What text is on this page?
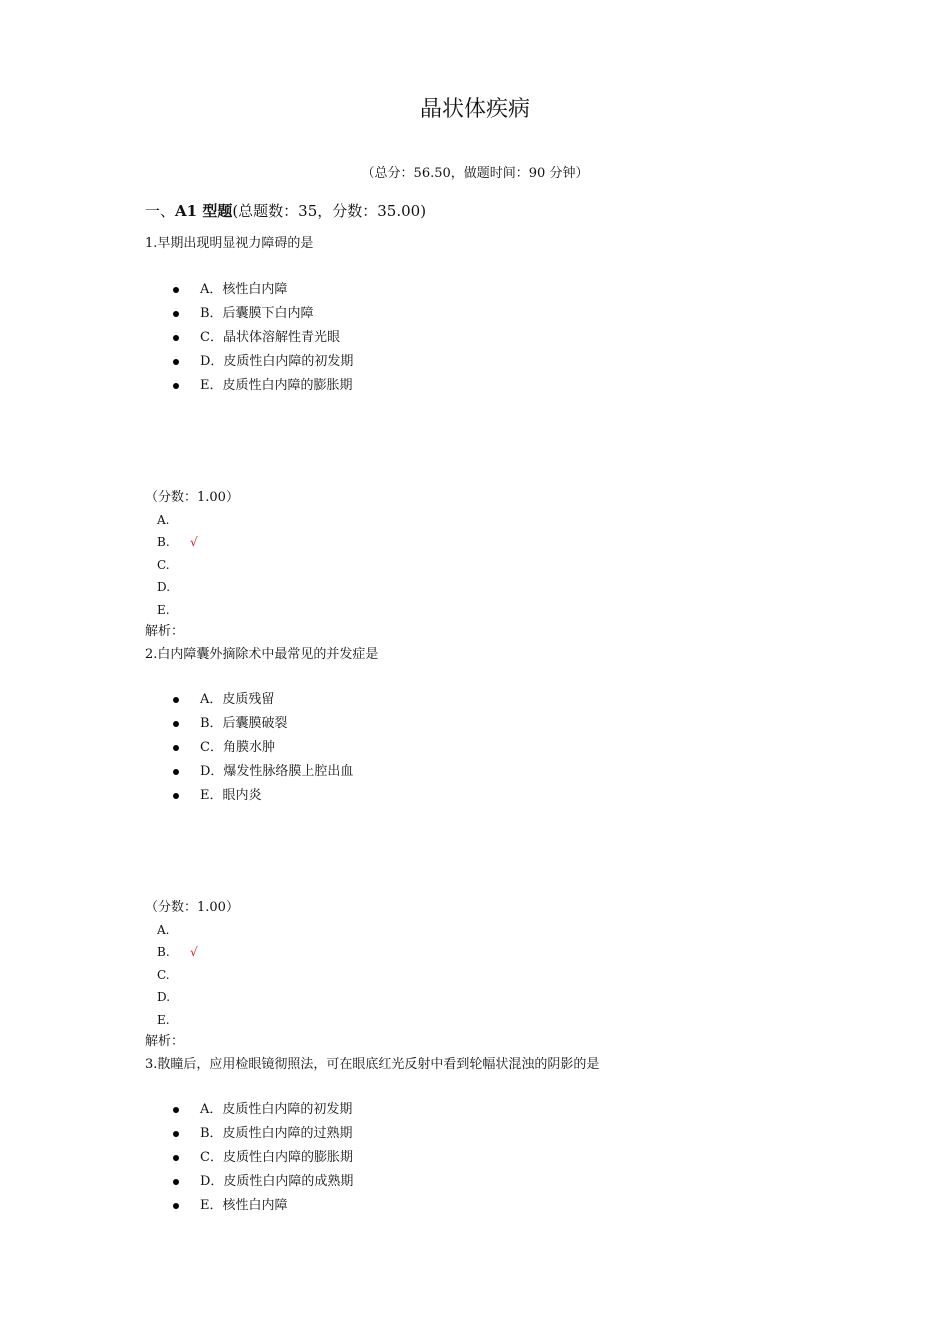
晶状体疾病
（总分：56.50，做题时间：90 分钟）
一、A1 型题(总题数：35，分数：35.00)
1.早期出现明显视力障碍的是
A．核性白内障
B．后囊膜下白内障
C．晶状体溶解性青光眼
D．皮质性白内障的初发期
E．皮质性白内障的膨胀期
（分数：1.00）
A.
B. √
C.
D.
E.
解析：
2.白内障囊外摘除术中最常见的并发症是
A．皮质残留
B．后囊膜破裂
C．角膜水肿
D．爆发性脉络膜上腔出血
E．眼内炎
（分数：1.00）
A.
B. √
C.
D.
E.
解析：
3.散瞳后，应用检眼镜彻照法，可在眼底红光反射中看到轮幅状混浊的阴影的是
A．皮质性白内障的初发期
B．皮质性白内障的过熟期
C．皮质性白内障的膨胀期
D．皮质性白内障的成熟期
E．核性白内障
